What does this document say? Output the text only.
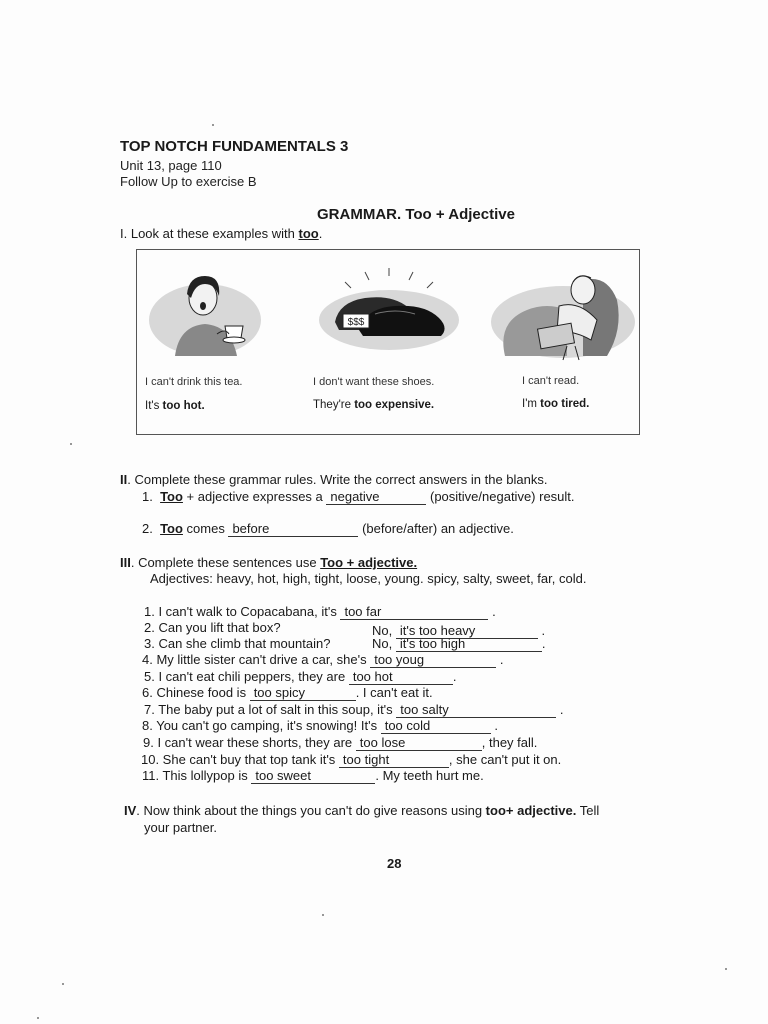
TOP NOTCH FUNDAMENTALS 3
Unit 13, page 110
Follow Up to exercise B
GRAMMAR. Too + Adjective
I. Look at these examples with too.
$$$
I can't drink this tea.
It's too hot.
I don't want these shoes.
They're too expensive.
I can't read.
I'm too tired.
II. Complete these grammar rules. Write the correct answers in the blanks.
1. Too + adjective expresses a negative	(positive/negative) result.
2. Too comes before	(before/after) an adjective.
III. Complete these sentences use Too + adjective.
Adjectives: heavy, hot, high, tight, loose, young. spicy, salty, sweet, far, cold.
1. I can't walk to Copacabana, it's too far	.
2. Can you lift that box?	No, it's too heavy	.
3. Can she climb that mountain?	No, it's too high	.
4. My little sister can't drive a car, she's too youg	.
5. I can't eat chili peppers, they are too hot	.
6. Chinese food is too spicy	. I can't eat it.
7. The baby put a lot of salt in this soup, it's too salty	.
8. You can't go camping, it's snowing! It's too cold	.
9. I can't wear these shorts, they are too lose	, they fall.
10. She can't buy that top tank it's too tight	, she can't put it on.
11. This lollypop is too sweet	. My teeth hurt me.
IV. Now think about the things you can't do give reasons using too+ adjective. Tell
your partner.
28
